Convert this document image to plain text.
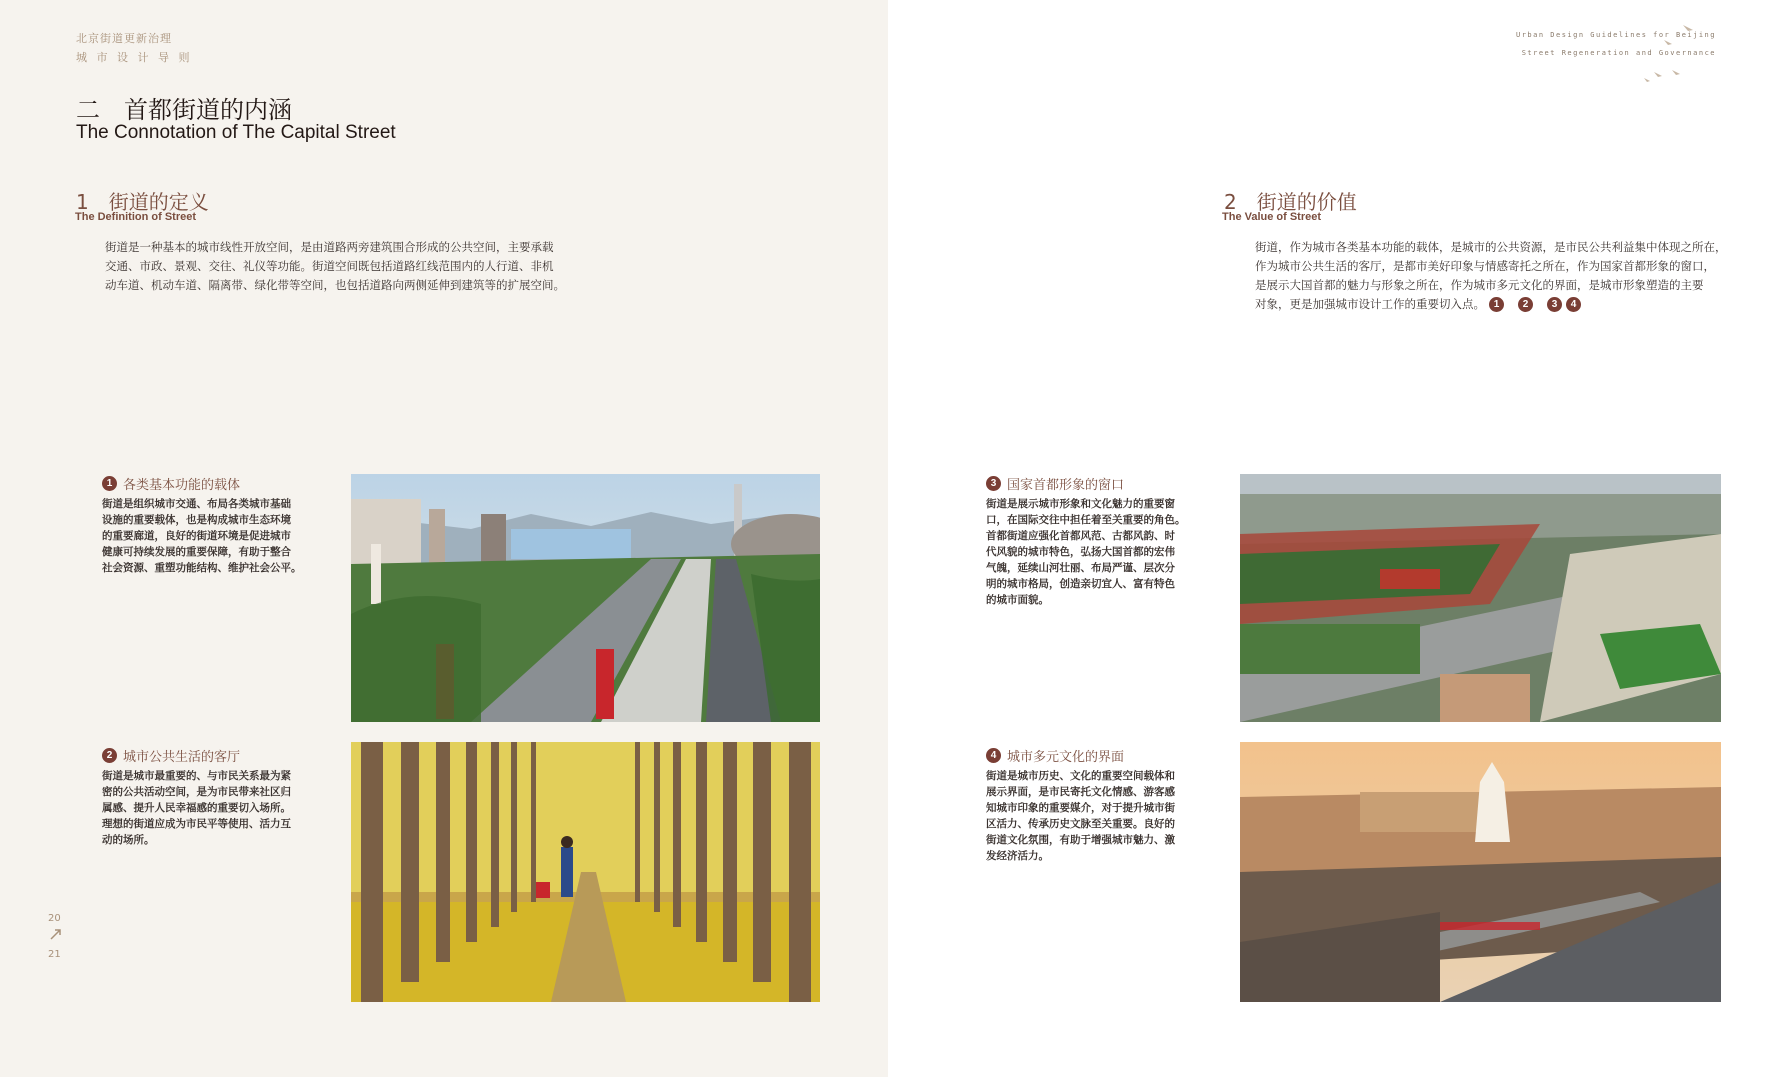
北京街道更新治理
城 市 设 计 导 则
二　首都街道的内涵
The Connotation of The Capital Street
1　街道的定义
The Definition of Street
街道是一种基本的城市线性开放空间，是由道路两旁建筑围合形成的公共空间，主要承载
交通、市政、景观、交往、礼仪等功能。街道空间既包括道路红线范围内的人行道、非机
动车道、机动车道、隔离带、绿化带等空间，也包括道路向两侧延伸到建筑等的扩展空间。
1 各类基本功能的载体
街道是组织城市交通、布局各类城市基础
设施的重要载体，也是构成城市生态环境
的重要廊道，良好的街道环境是促进城市
健康可持续发展的重要保障，有助于整合
社会资源、重塑功能结构、维护社会公平。
2 城市公共生活的客厅
街道是城市最重要的、与市民关系最为紧
密的公共活动空间，是为市民带来社区归
属感、提升人民幸福感的重要切入场所。
理想的街道应成为市民平等使用、活力互
动的场所。
20
21
Urban Design Guidelines for Beijing
Street Regeneration and Governance
2　街道的价值
The Value of Street
街道，作为城市各类基本功能的载体，是城市的公共资源，是市民公共利益集中体现之所在，
作为城市公共生活的客厅，是都市美好印象与情感寄托之所在，作为国家首都形象的窗口，
是展示大国首都的魅力与形象之所在，作为城市多元文化的界面，是城市形象塑造的主要
对象，更是加强城市设计工作的重要切入点。 1	2	3	4
3 国家首都形象的窗口
街道是展示城市形象和文化魅力的重要窗
口，在国际交往中担任着至关重要的角色。
首都街道应强化首都风范、古都风韵、时
代风貌的城市特色，弘扬大国首都的宏伟
气魄，延续山河壮丽、布局严谨、层次分
明的城市格局，创造亲切宜人、富有特色
的城市面貌。
4 城市多元文化的界面
街道是城市历史、文化的重要空间载体和
展示界面，是市民寄托文化情感、游客感
知城市印象的重要媒介，对于提升城市街
区活力、传承历史文脉至关重要。良好的
街道文化氛围，有助于增强城市魅力、激
发经济活力。
